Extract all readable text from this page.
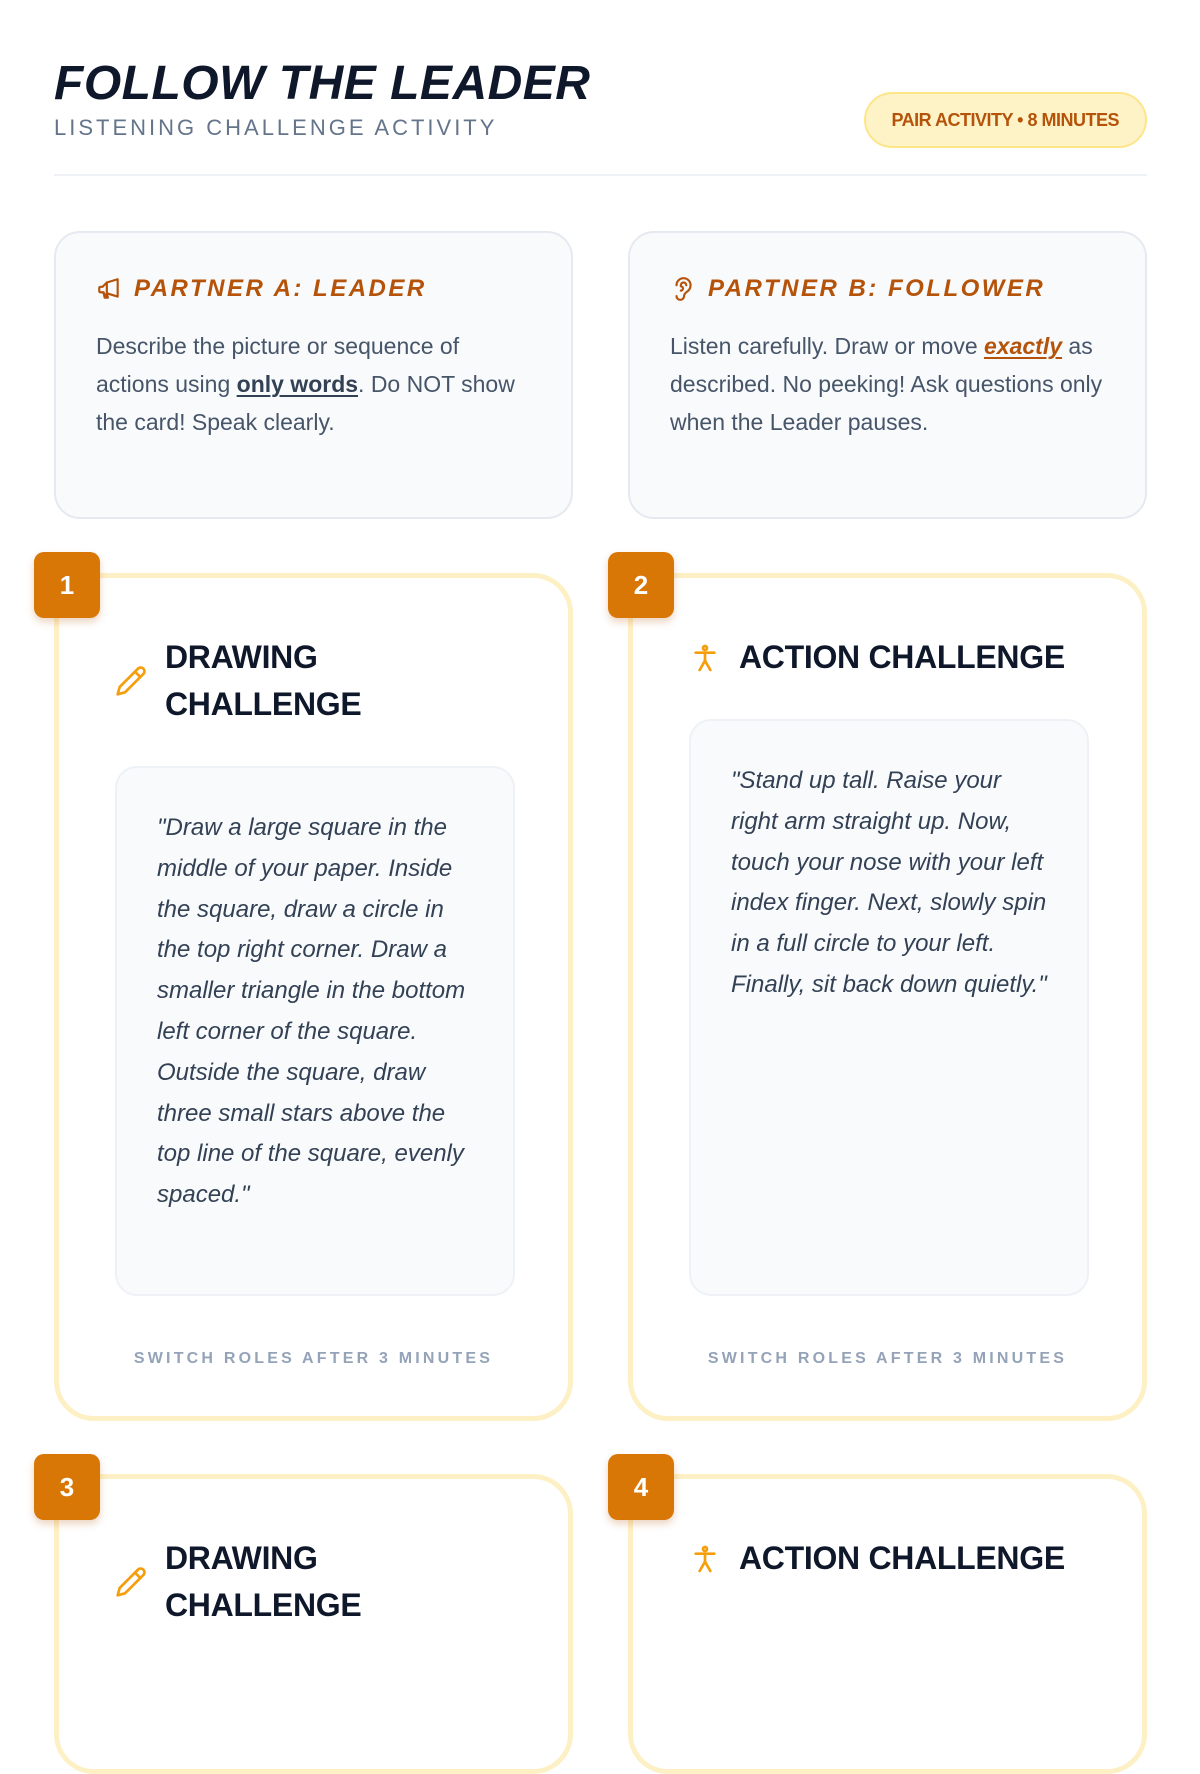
FOLLOW THE LEADER
LISTENING CHALLENGE ACTIVITY	PAIR ACTIVITY • 8 MINUTES
PARTNER A: LEADER

Describe the picture or sequence of actions using only words. Do NOT show the card! Speak clearly.

PARTNER B: FOLLOWER

Listen carefully. Draw or move exactly as described. No peeking! Ask questions only when the Leader pauses.

DRAWING CHALLENGE
"Draw a large square in the middle of your paper. Inside the square, draw a circle in the top right corner. Draw a smaller triangle in the bottom left corner of the square. Outside the square, draw three small stars above the top line of the square, evenly spaced."
SWITCH ROLES AFTER 3 MINUTES
1
ACTION CHALLENGE
"Stand up tall. Raise your right arm straight up. Now, touch your nose with your left index finger. Next, slowly spin in a full circle to your left. Finally, sit back down quietly."
SWITCH ROLES AFTER 3 MINUTES
2
DRAWING CHALLENGE
3
ACTION CHALLENGE
4
